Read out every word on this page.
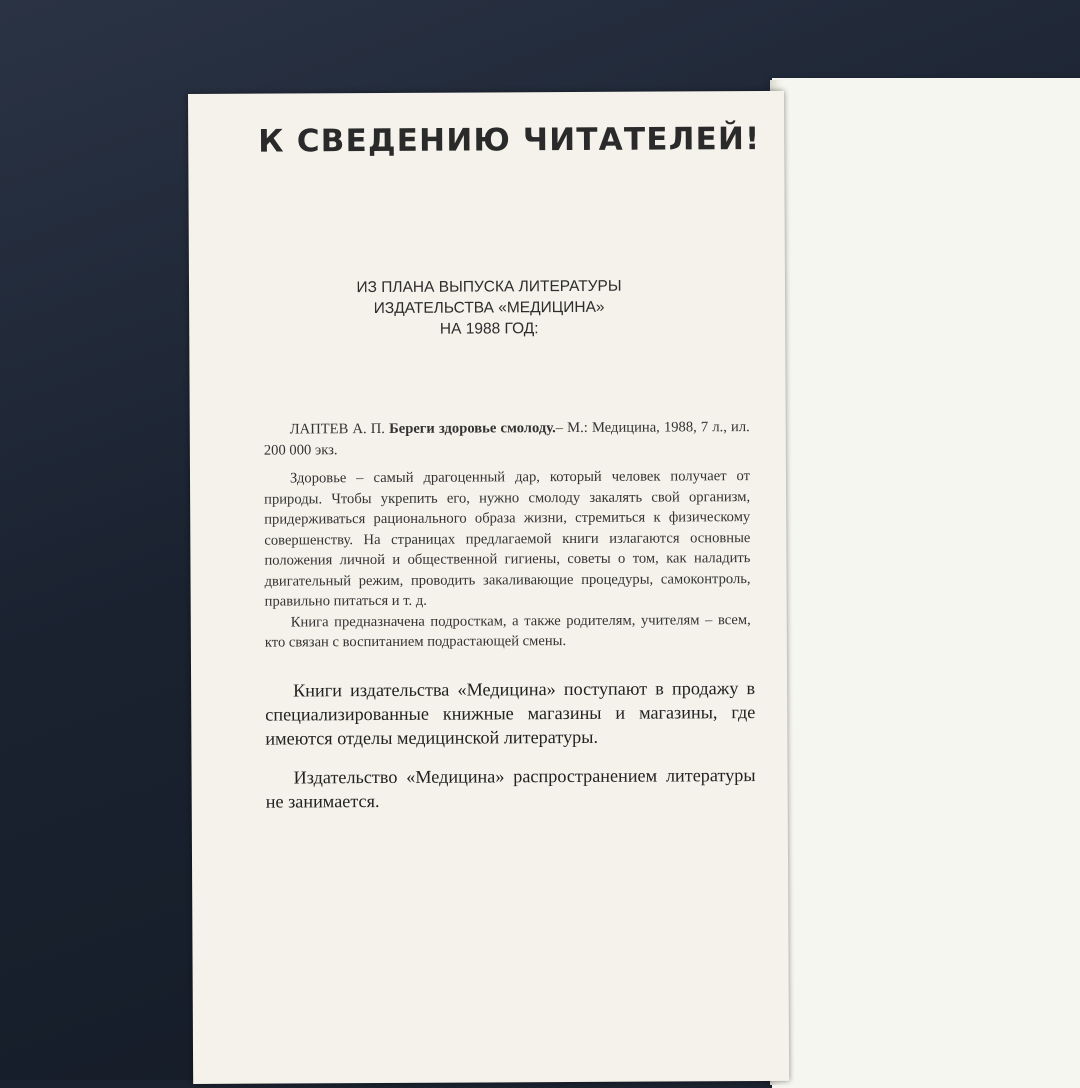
К СВЕДЕНИЮ ЧИТАТЕЛЕЙ!
ИЗ ПЛАНА ВЫПУСКА ЛИТЕРАТУРЫ
ИЗДАТЕЛЬСТВА «МЕДИЦИНА»
НА 1988 ГОД:

ЛАПТЕВ А. П. Береги здоровье смолоду.– М.: Медицина, 1988, 7 л., ил. 200 000 экз.

Здоровье – самый драгоценный дар, который человек получает от природы. Чтобы укрепить его, нужно смолоду закалять свой организм, придерживаться рационального образа жизни, стремиться к физическому совершенству. На страницах предлагаемой книги излагаются основные положения личной и общественной гигиены, советы о том, как наладить двигательный режим, проводить закаливающие процедуры, самоконтроль, правильно питаться и т. д.

Книга предназначена подросткам, а также родителям, учителям – всем, кто связан с воспитанием подрастающей смены.

Книги издательства «Медицина» поступают в продажу в специализированные книжные магазины и магазины, где имеются отделы медицинской литературы.

Издательство «Медицина» распространением литературы не занимается.
